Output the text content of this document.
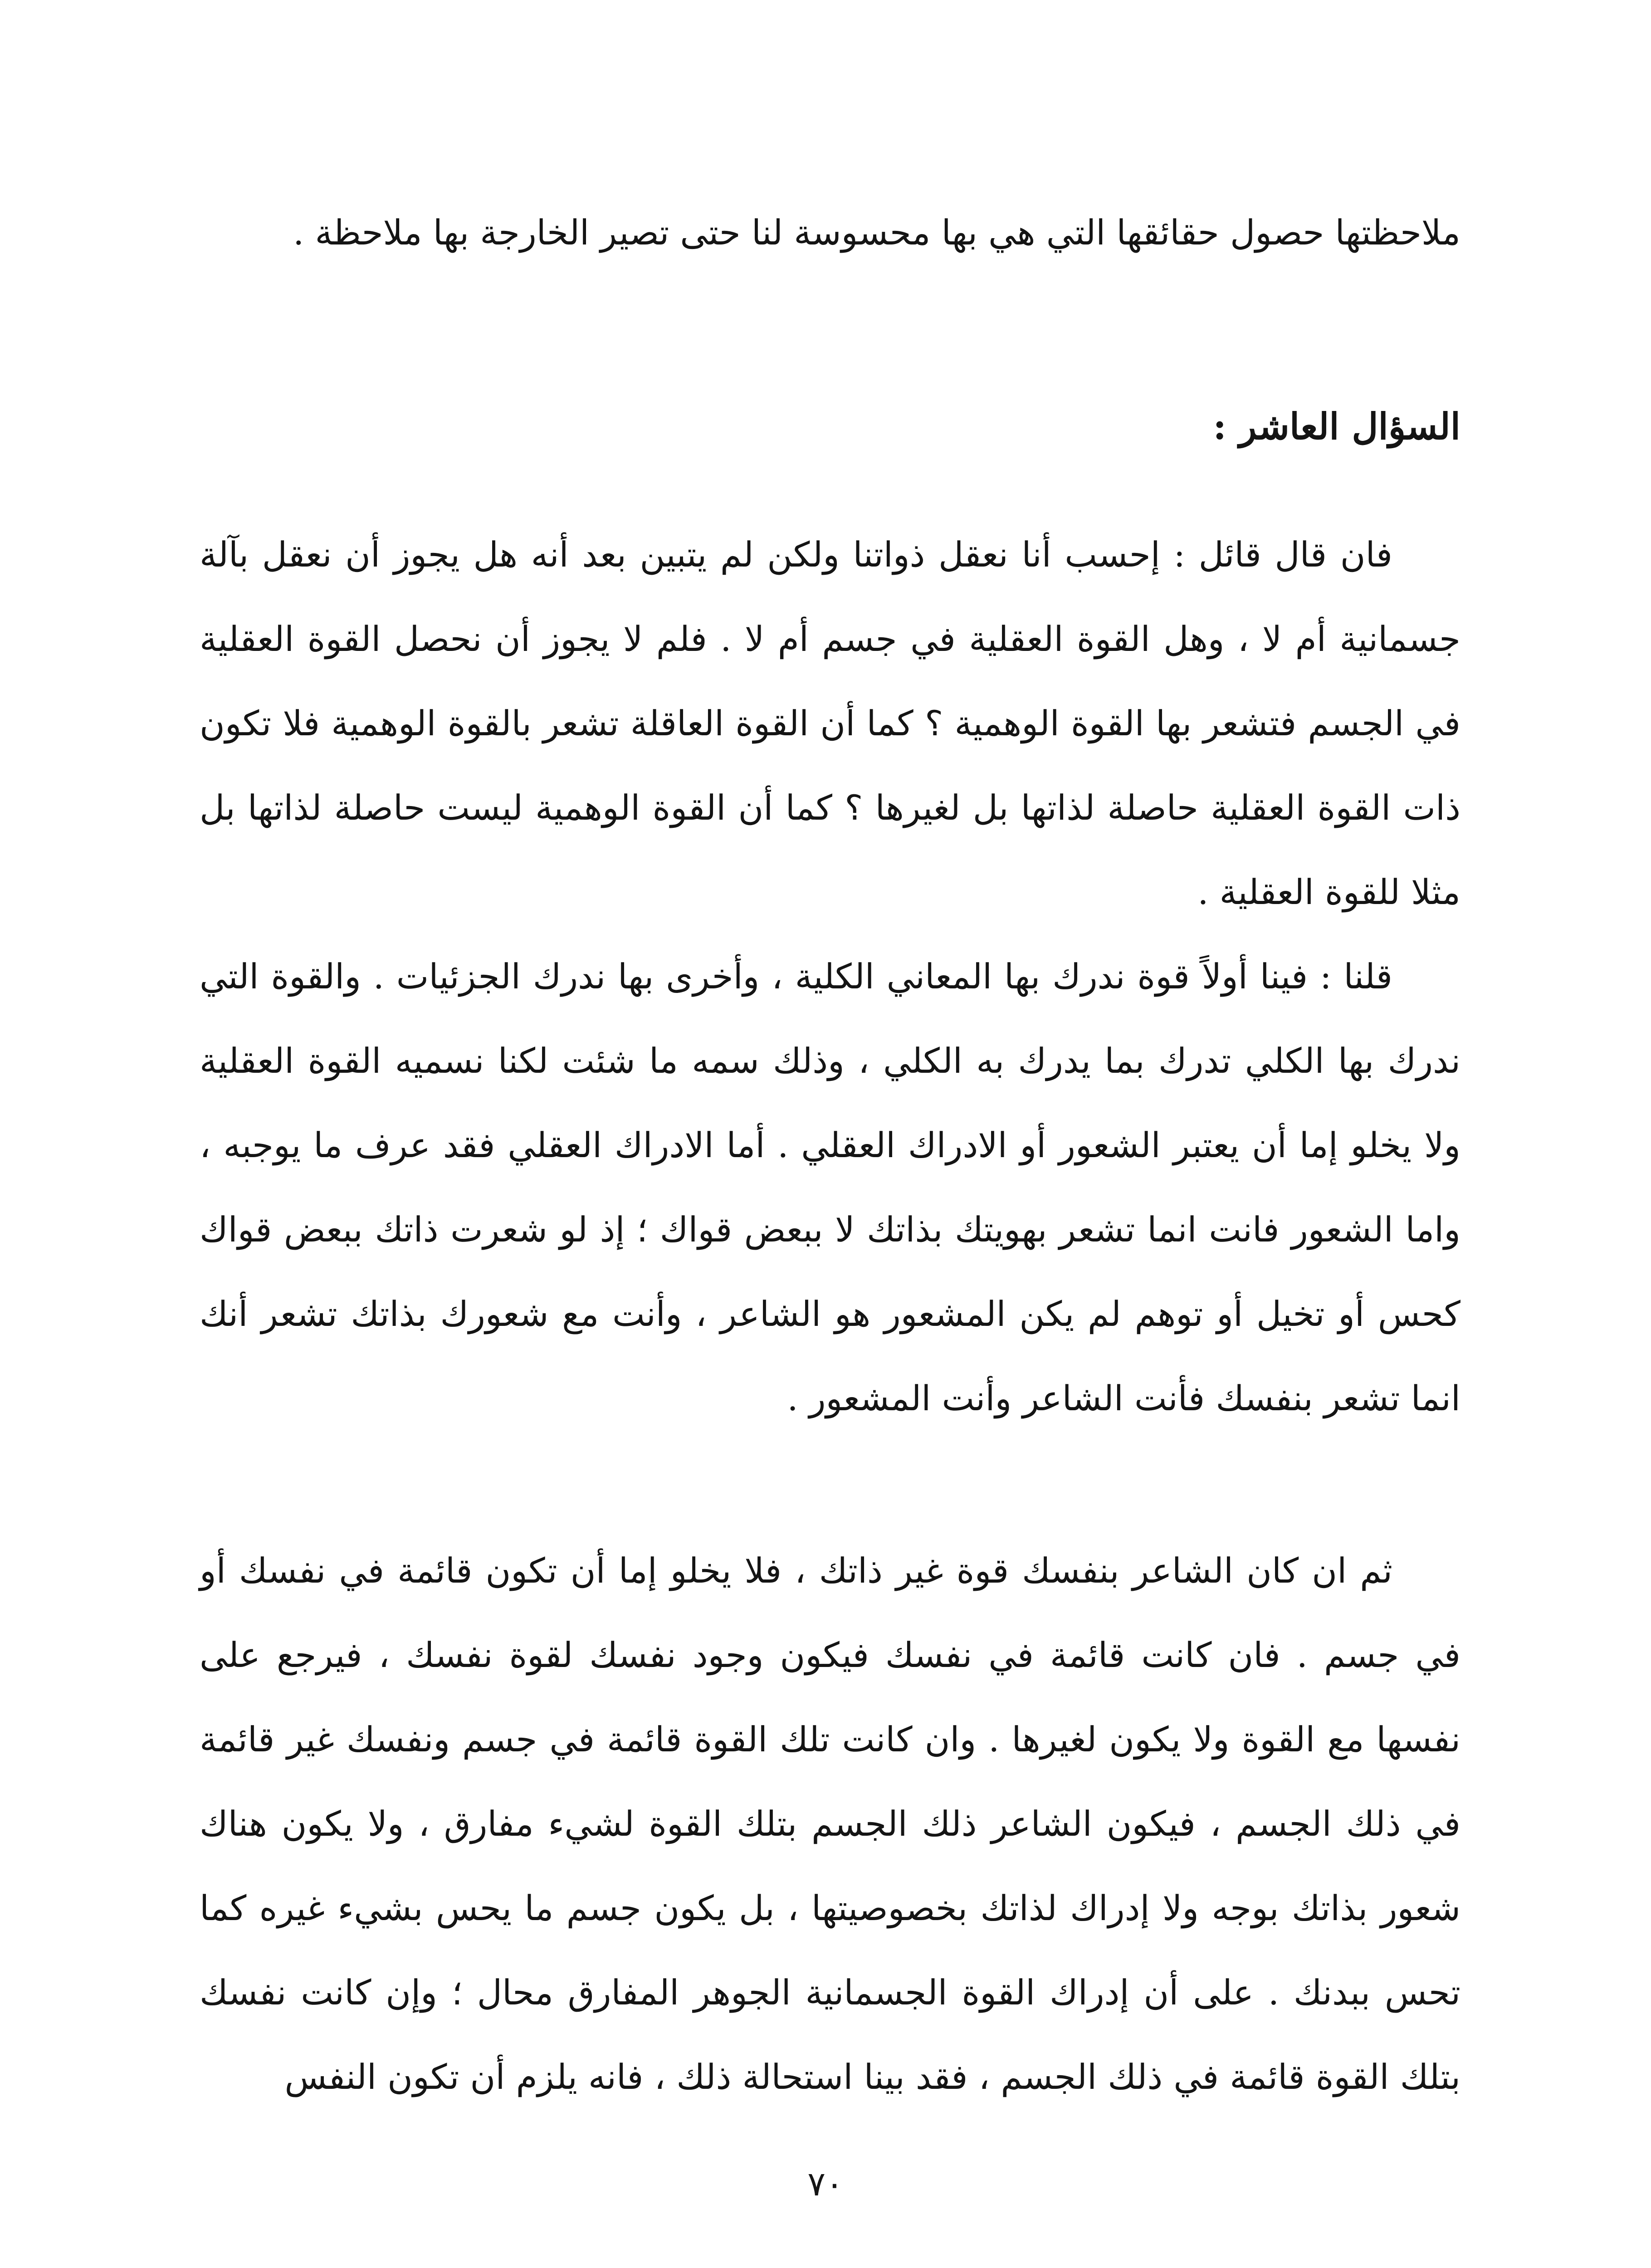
ملاحظتها حصول حقائقها التي هي بها محسوسة لنا حتى تصير الخارجة بها ملاحظة .

السؤال العاشر :

فان قال قائل : إحسب أنا نعقل ذواتنا ولكن لم يتبين بعد أنه هل يجوز أن نعقل بآلة جسمانية أم لا ، وهل القوة العقلية في جسم أم لا . فلم لا يجوز أن نحصل القوة العقلية في الجسم فتشعر بها القوة الوهمية ؟ كما أن القوة العاقلة تشعر بالقوة الوهمية فلا تكون ذات القوة العقلية حاصلة لذاتها بل لغيرها ؟ كما أن القوة الوهمية ليست حاصلة لذاتها بل مثلا للقوة العقلية .

قلنا : فينا أولاً قوة ندرك بها المعاني الكلية ، وأخرى بها ندرك الجزئيات . والقوة التي ندرك بها الكلي تدرك بما يدرك به الكلي ، وذلك سمه ما شئت لكنا نسميه القوة العقلية ولا يخلو إما أن يعتبر الشعور أو الادراك العقلي . أما الادراك العقلي فقد عرف ما يوجبه ، واما الشعور فانت انما تشعر بهويتك بذاتك لا ببعض قواك ؛ إذ لو شعرت ذاتك ببعض قواك كحس أو تخيل أو توهم لم يكن المشعور هو الشاعر ، وأنت مع شعورك بذاتك تشعر أنك انما تشعر بنفسك فأنت الشاعر وأنت المشعور .

ثم ان كان الشاعر بنفسك قوة غير ذاتك ، فلا يخلو إما أن تكون قائمة في نفسك أو في جسم . فان كانت قائمة في نفسك فيكون وجود نفسك لقوة نفسك ، فيرجع على نفسها مع القوة ولا يكون لغيرها . وان كانت تلك القوة قائمة في جسم ونفسك غير قائمة في ذلك الجسم ، فيكون الشاعر ذلك الجسم بتلك القوة لشيء مفارق ، ولا يكون هناك شعور بذاتك بوجه ولا إدراك لذاتك بخصوصيتها ، بل يكون جسم ما يحس بشيء غيره كما تحس ببدنك . على أن إدراك القوة الجسمانية الجوهر المفارق محال ؛ وإن كانت نفسك بتلك القوة قائمة في ذلك الجسم ، فقد بينا استحالة ذلك ، فانه يلزم أن تكون النفس

٧٠
